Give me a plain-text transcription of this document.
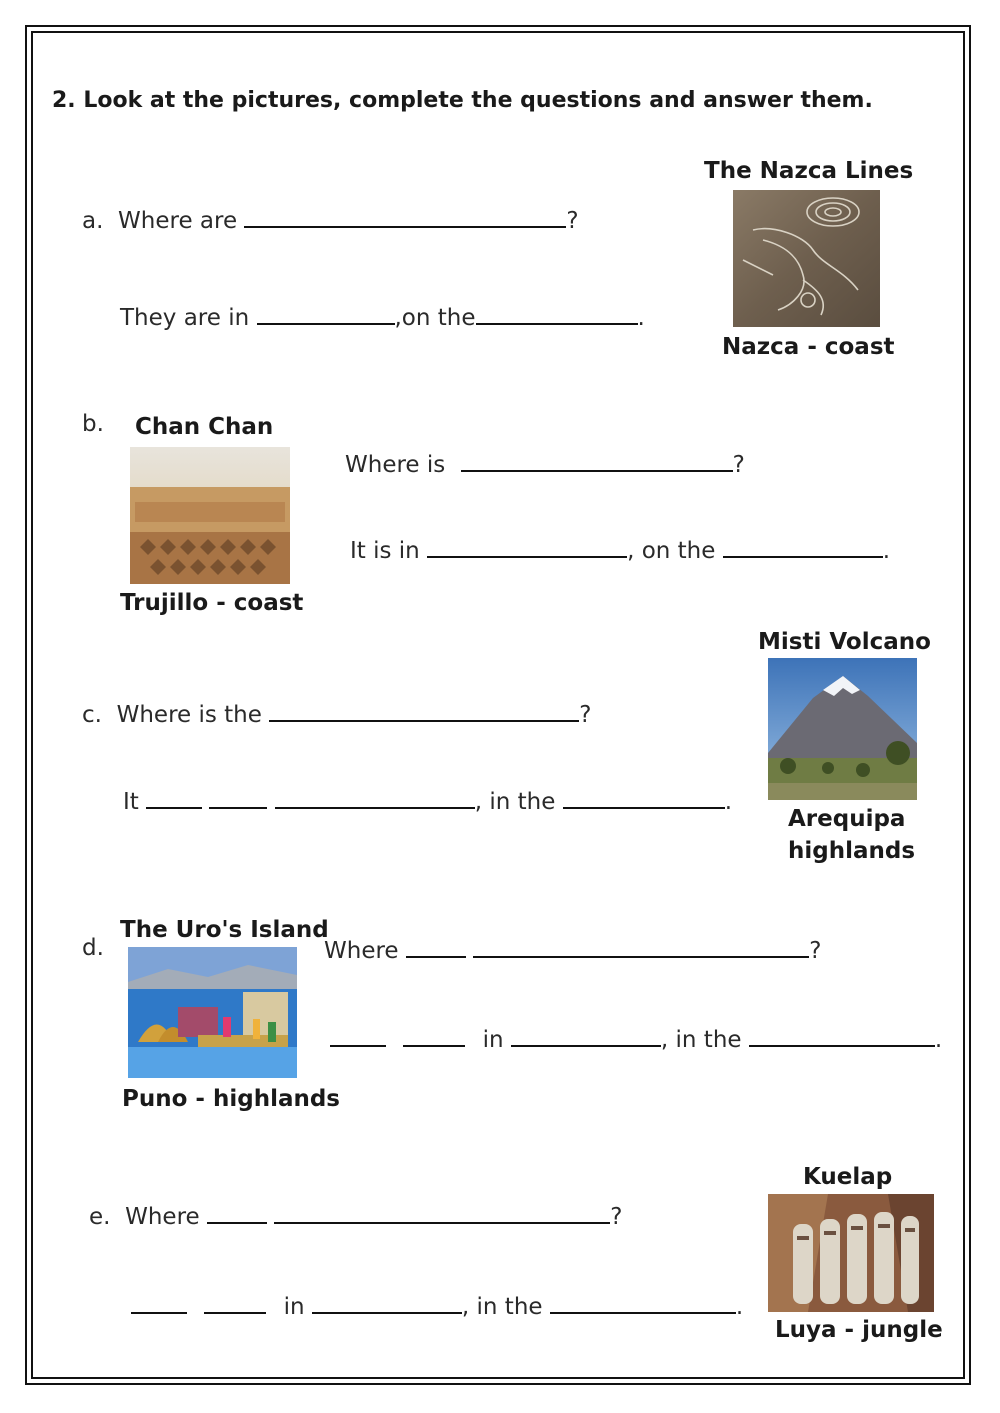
2. Look at the pictures, complete the questions and answer them.
a. Where are	?
They are in	,on the	.
The Nazca Lines
Nazca - coast
b. Chan Chan
Trujillo - coast
Where is	?
It is in	, on the	.
Misti Volcano
Arequipa
highlands
c. Where is the	?
It	, in the	.
The Uro's Island
d.
Puno - highlands
Where	?
in	, in the	.
Kuelap
Luya - jungle
e. Where	?
in	, in the	.
